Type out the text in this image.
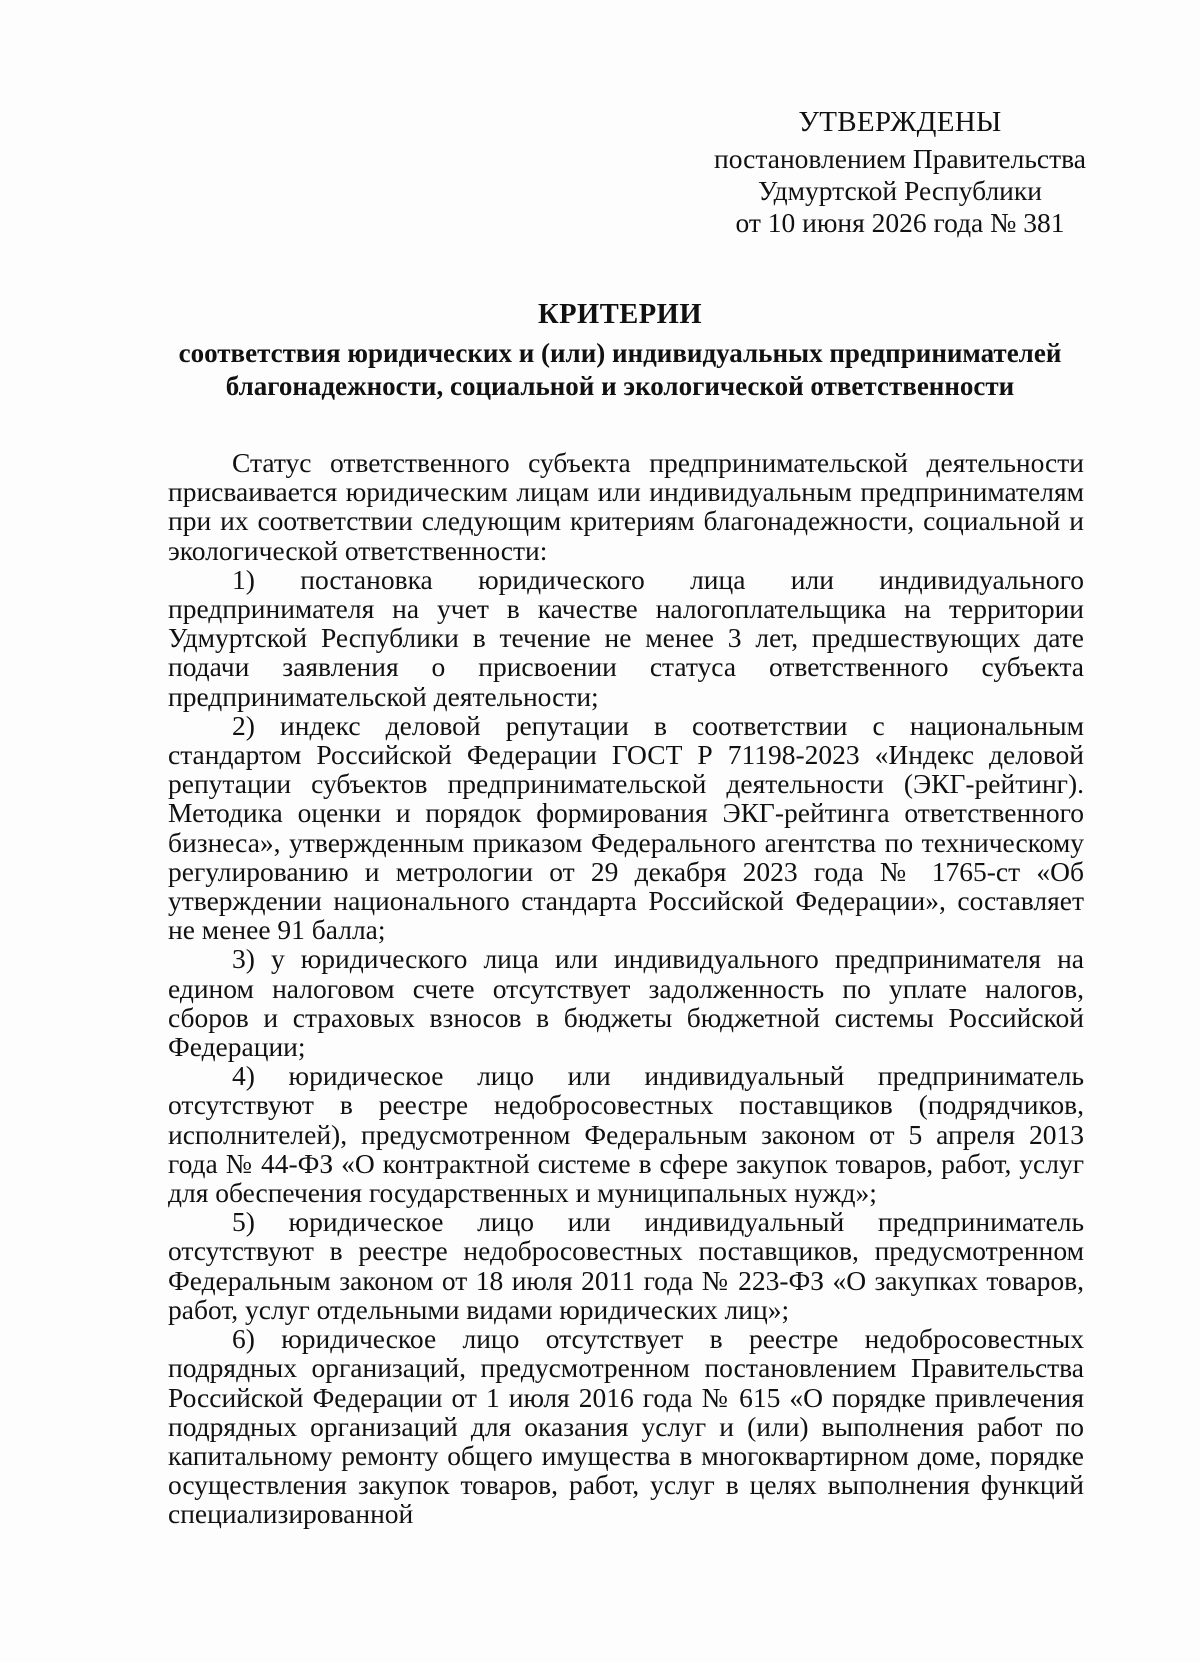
УТВЕРЖДЕНЫ
постановлением Правительства
Удмуртской Республики
от 10 июня 2026 года № 381
КРИТЕРИИ
соответствия юридических и (или) индивидуальных предпринимателей благонадежности, социальной и экологической ответственности

Статус ответственного субъекта предпринимательской деятельности присваивается юридическим лицам или индивидуальным предпринимателям при их соответствии следующим критериям благонадежности, социальной и экологической ответственности:

1) постановка юридического лица или индивидуального предпринимателя на учет в качестве налогоплательщика на территории Удмуртской Республики в течение не менее 3 лет, предшествующих дате подачи заявления о присвоении статуса ответственного субъекта предпринимательской деятельности;

2) индекс деловой репутации в соответствии с национальным стандартом Российской Федерации ГОСТ Р 71198-2023 «Индекс деловой репутации субъектов предпринимательской деятельности (ЭКГ-рейтинг). Методика оценки и порядок формирования ЭКГ-рейтинга ответственного бизнеса», утвержденным приказом Федерального агентства по техническому регулированию и метрологии от 29 декабря 2023 года № 1765-ст «Об утверждении национального стандарта Российской Федерации», составляет не менее 91 балла;

3) у юридического лица или индивидуального предпринимателя на едином налоговом счете отсутствует задолженность по уплате налогов, сборов и страховых взносов в бюджеты бюджетной системы Российской Федерации;

4) юридическое лицо или индивидуальный предприниматель отсутствуют в реестре недобросовестных поставщиков (подрядчиков, исполнителей), предусмотренном Федеральным законом от 5 апреля 2013 года № 44-ФЗ «О контрактной системе в сфере закупок товаров, работ, услуг для обеспечения государственных и муниципальных нужд»;

5) юридическое лицо или индивидуальный предприниматель отсутствуют в реестре недобросовестных поставщиков, предусмотренном Федеральным законом от 18 июля 2011 года № 223-ФЗ «О закупках товаров, работ, услуг отдельными видами юридических лиц»;

6) юридическое лицо отсутствует в реестре недобросовестных подрядных организаций, предусмотренном постановлением Правительства Российской Федерации от 1 июля 2016 года № 615 «О порядке привлечения подрядных организаций для оказания услуг и (или) выполнения работ по капитальному ремонту общего имущества в многоквартирном доме, порядке осуществления закупок товаров, работ, услуг в целях выполнения функций специализированной
